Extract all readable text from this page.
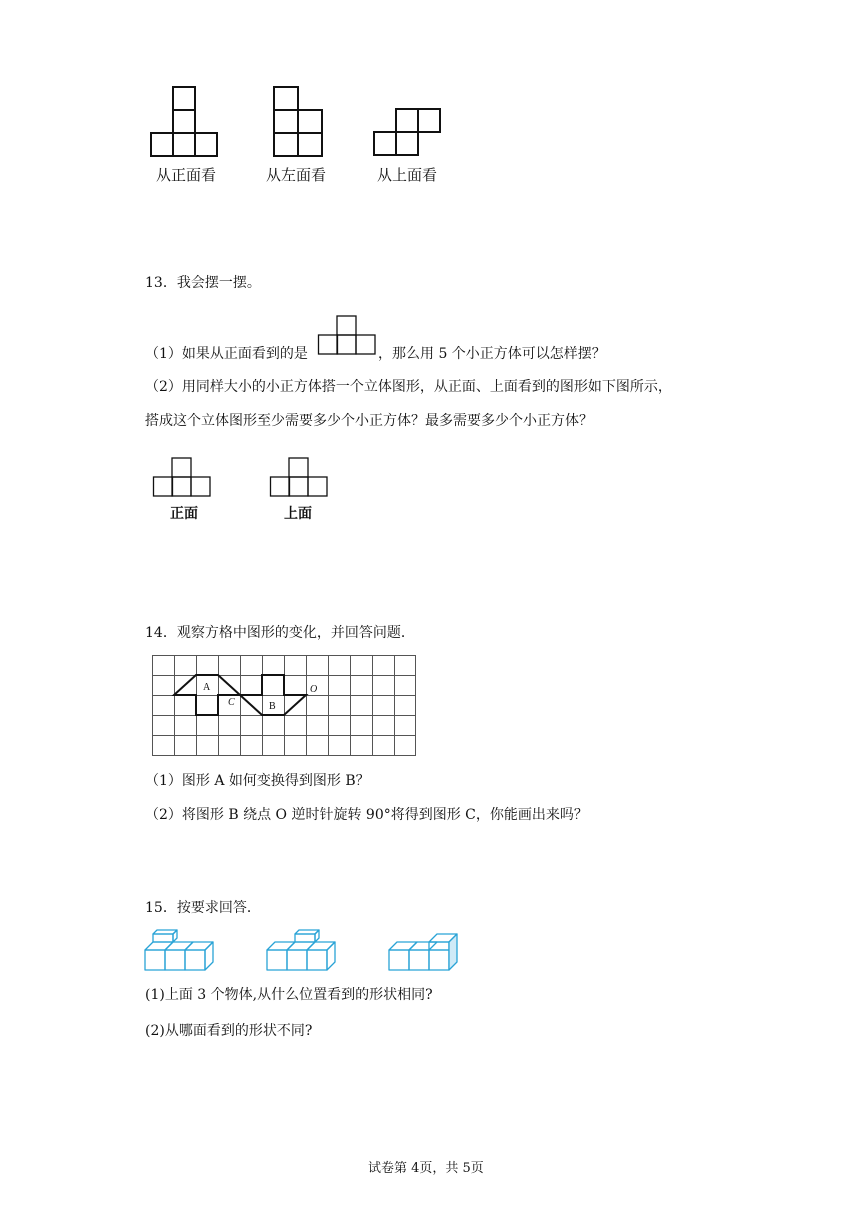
从正面看	从左面看	从上面看
13．我会摆一摆。
（1）如果从正面看到的是	，那么用 5 个小正方体可以怎样摆？
（2）用同样大小的小正方体搭一个立体图形，从正面、上面看到的图形如下图所示，
搭成这个立体图形至少需要多少个小正方体？最多需要多少个小正方体？
正面	上面
14．观察方格中图形的变化，并回答问题．
A
B
C
O
（1）图形 A 如何变换得到图形 B？
（2）将图形 B 绕点 O 逆时针旋转 90°将得到图形 C，你能画出来吗？
15．按要求回答．
(1)上面 3 个物体,从什么位置看到的形状相同?
(2)从哪面看到的形状不同?
试卷第 4页，共 5页
